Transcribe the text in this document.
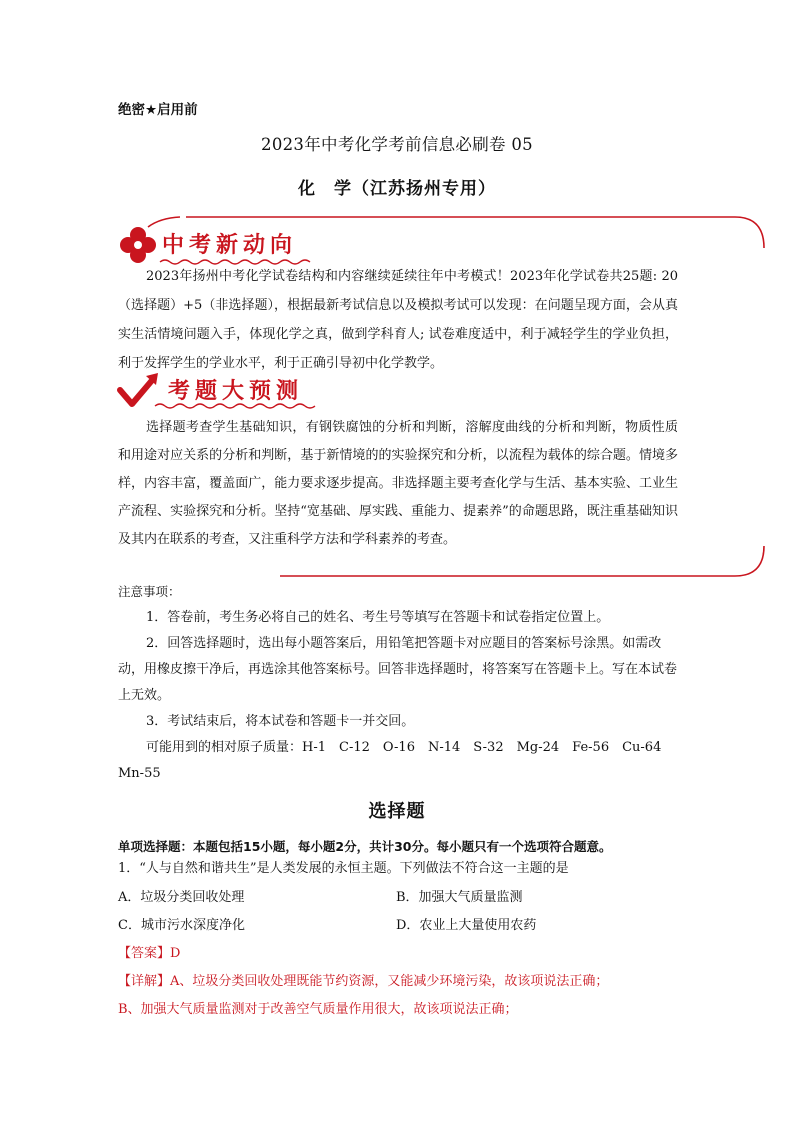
绝密★启用前
2023年中考化学考前信息必刷卷 05
化　学（江苏扬州专用）
中考新动向

2023年扬州中考化学试卷结构和内容继续延续往年中考模式！2023年化学试卷共25题: 20（选择题）+5（非选择题），根据最新考试信息以及模拟考试可以发现：在问题呈现方面，会从真实生活情境问题入手，体现化学之真，做到学科育人; 试卷难度适中，利于减轻学生的学业负担，利于发挥学生的学业水平，利于正确引导初中化学教学。

考题大预测

选择题考查学生基础知识，有钢铁腐蚀的分析和判断，溶解度曲线的分析和判断，物质性质和用途对应关系的分析和判断，基于新情境的的实验探究和分析，以流程为载体的综合题。情境多样，内容丰富，覆盖面广，能力要求逐步提高。非选择题主要考查化学与生活、基本实验、工业生产流程、实验探究和分析。坚持“宽基础、厚实践、重能力、提素养”的命题思路，既注重基础知识及其内在联系的考查，又注重科学方法和学科素养的考查。

注意事项：

1．答卷前，考生务必将自己的姓名、考生号等填写在答题卡和试卷指定位置上。

2．回答选择题时，选出每小题答案后，用铅笔把答题卡对应题目的答案标号涂黑。如需改动，用橡皮擦干净后，再选涂其他答案标号。回答非选择题时，将答案写在答题卡上。写在本试卷上无效。

3．考试结束后，将本试卷和答题卡一并交回。

可能用到的相对原子质量：H-1　C-12　O-16　N-14　S-32　Mg-24　Fe-56　Cu-64　Mn-55

选择题

单项选择题：本题包括15小题，每小题2分，共计30分。每小题只有一个选项符合题意。

1．“人与自然和谐共生”是人类发展的永恒主题。下列做法不符合这一主题的是

A．垃圾分类回收处理	B．加强大气质量监测
C．城市污水深度净化	D．农业上大量使用农药

【答案】D

【详解】A、垃圾分类回收处理既能节约资源，又能减少环境污染，故该项说法正确；

B、加强大气质量监测对于改善空气质量作用很大，故该项说法正确；
